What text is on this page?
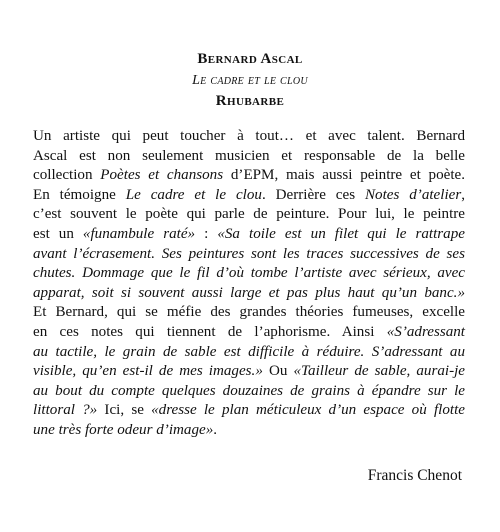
Bernard Ascal
Le cadre et le clou
Rhubarbe
Un artiste qui peut toucher à tout… et avec talent. Bernard
Ascal est non seulement musicien et responsable de la belle
collection Poètes et chansons d’EPM, mais aussi peintre et poète.
En témoigne Le cadre et le clou. Derrière ces Notes d’atelier,
c’est souvent le poète qui parle de peinture. Pour lui, le peintre
est un «funambule raté» : «Sa toile est un filet qui le rattrape
avant l’écrasement. Ses peintures sont les traces successives de ses
chutes. Dommage que le fil d’où tombe l’artiste avec sérieux, avec
apparat, soit si souvent aussi large et pas plus haut qu’un banc.»
Et Bernard, qui se méfie des grandes théories fumeuses, excelle
en ces notes qui tiennent de l’aphorisme. Ainsi «S’adressant
au tactile, le grain de sable est difficile à réduire. S’adressant au
visible, qu’en est-il de mes images.» Ou «Tailleur de sable, aurai-je
au bout du compte quelques douzaines de grains à épandre sur le
littoral ?» Ici, se «dresse le plan méticuleux d’un espace où flotte
une très forte odeur d’image».
Francis Chenot
